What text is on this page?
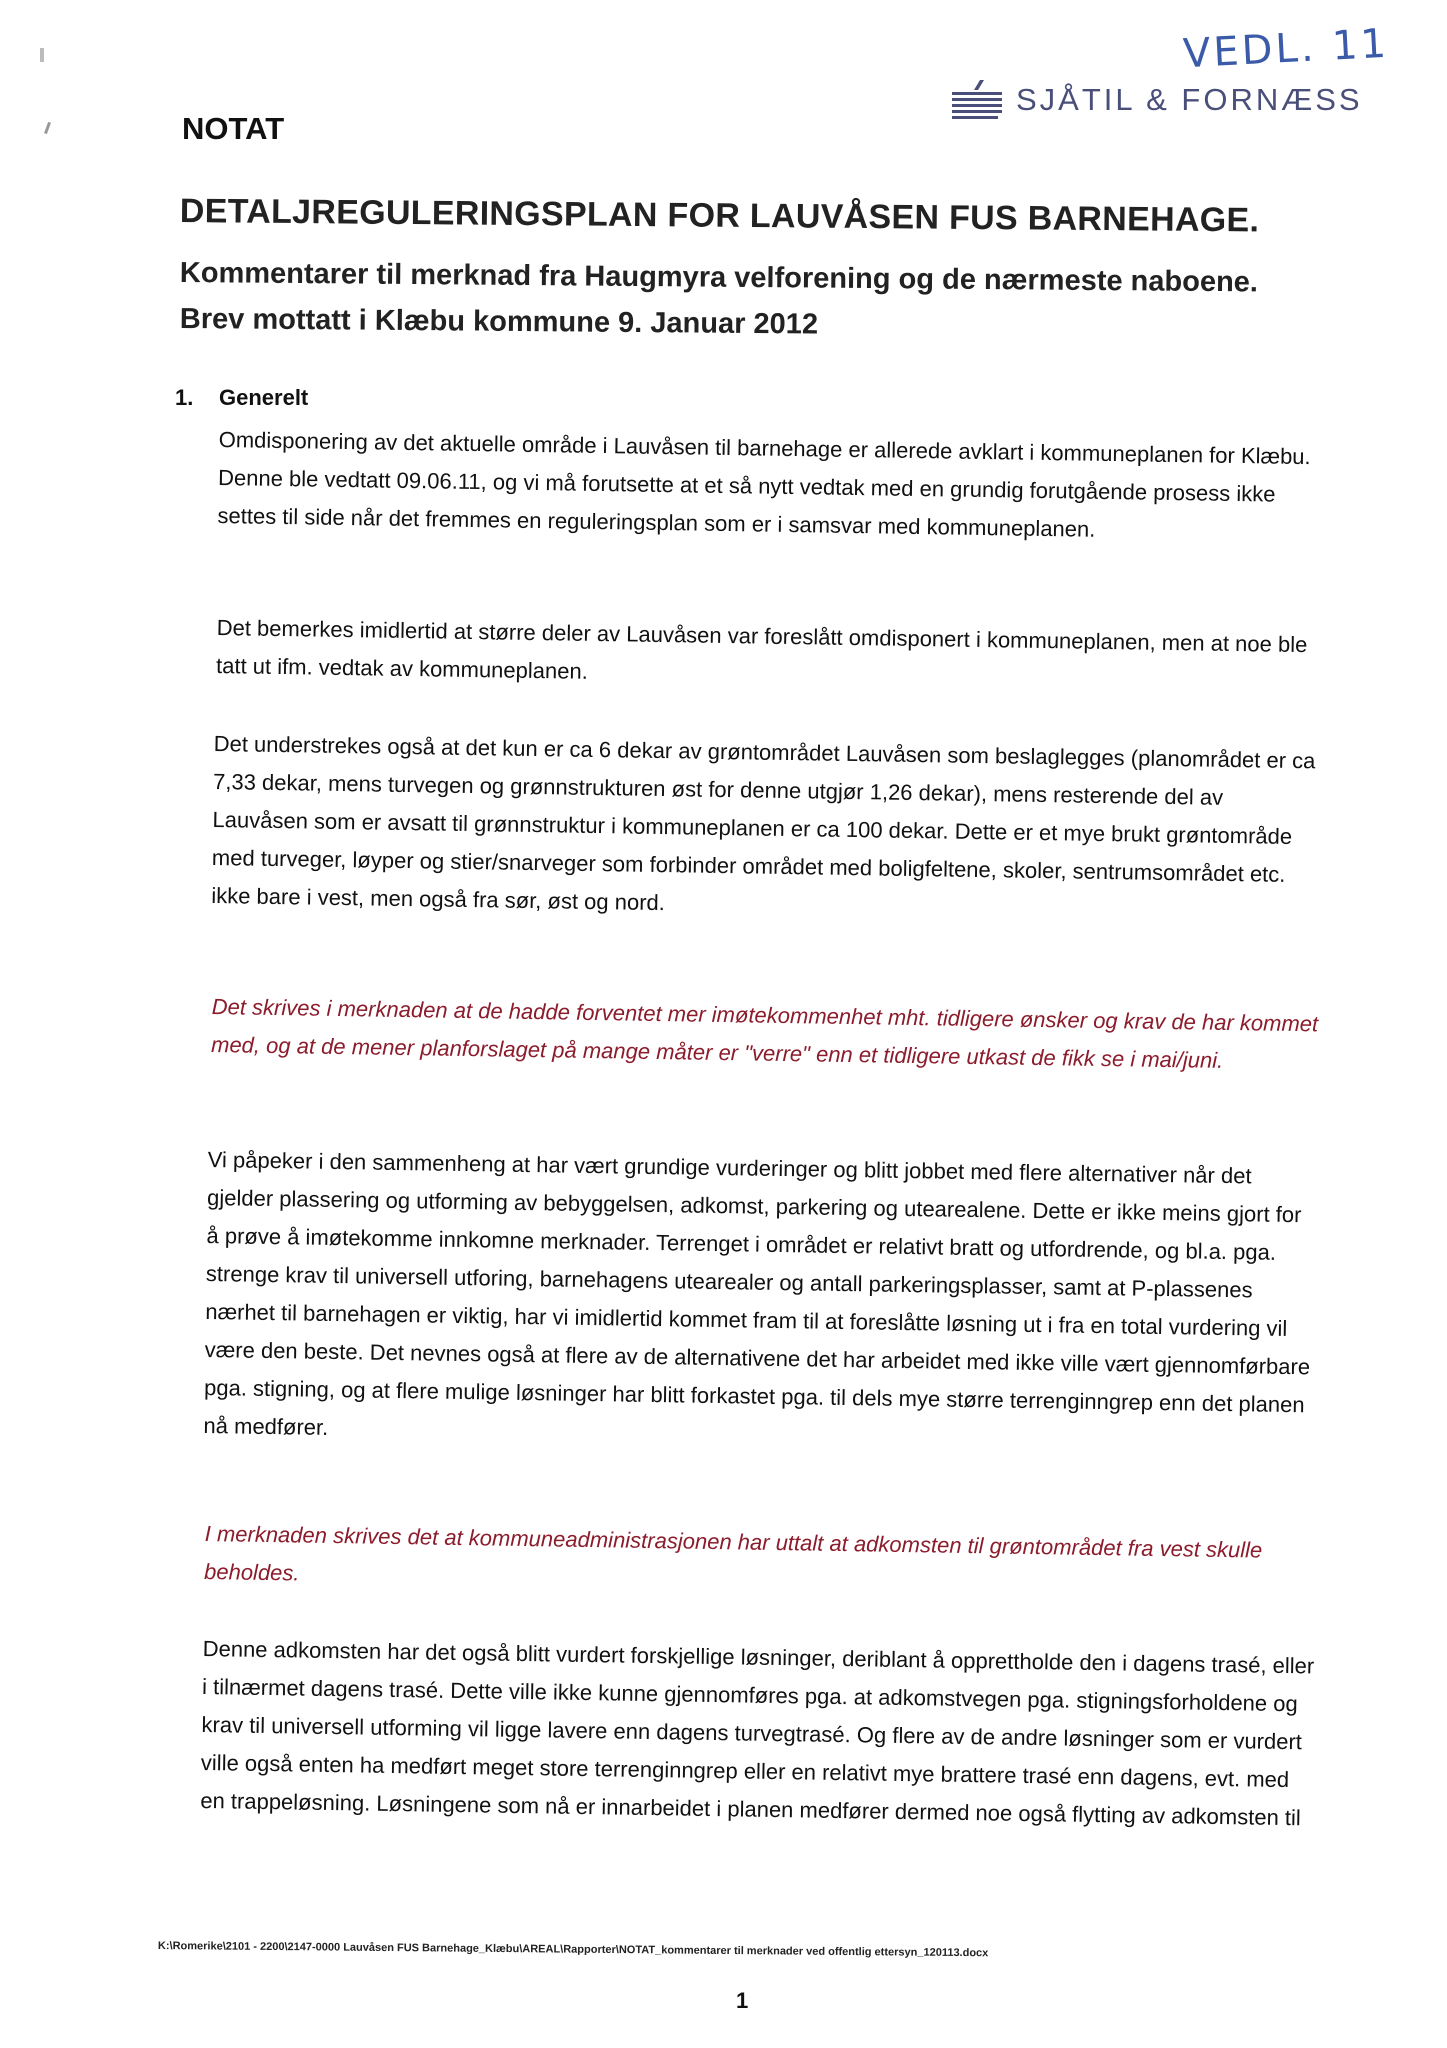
VEDL. 11
SJÅTIL & FORNÆSS
NOTAT
DETALJREGULERINGSPLAN FOR LAUVÅSEN FUS BARNEHAGE.
Kommentarer til merknad fra Haugmyra velforening og de nærmeste naboene.
Brev mottatt i Klæbu kommune 9. Januar 2012
1. Generelt
Omdisponering av det aktuelle område i Lauvåsen til barnehage er allerede avklart i kommuneplanen for Klæbu. Denne ble vedtatt 09.06.11, og vi må forutsette at et så nytt vedtak med en grundig forutgående prosess ikke settes til side når det fremmes en reguleringsplan som er i samsvar med kommuneplanen.
Det bemerkes imidlertid at større deler av Lauvåsen var foreslått omdisponert i kommuneplanen, men at noe ble tatt ut ifm. vedtak av kommuneplanen.
Det understrekes også at det kun er ca 6 dekar av grøntområdet Lauvåsen som beslaglegges (planområdet er ca 7,33 dekar, mens turvegen og grønnstrukturen øst for denne utgjør 1,26 dekar), mens resterende del av Lauvåsen som er avsatt til grønnstruktur i kommuneplanen er ca 100 dekar. Dette er et mye brukt grøntområde med turveger, løyper og stier/snarveger som forbinder området med boligfeltene, skoler, sentrumsområdet etc. ikke bare i vest, men også fra sør, øst og nord.
Det skrives i merknaden at de hadde forventet mer imøtekommenhet mht. tidligere ønsker og krav de har kommet med, og at de mener planforslaget på mange måter er "verre" enn et tidligere utkast de fikk se i mai/juni.
Vi påpeker i den sammenheng at har vært grundige vurderinger og blitt jobbet med flere alternativer når det gjelder plassering og utforming av bebyggelsen, adkomst, parkering og utearealene. Dette er ikke meins gjort for å prøve å imøtekomme innkomne merknader. Terrenget i området er relativt bratt og utfordrende, og bl.a. pga. strenge krav til universell utforing, barnehagens utearealer og antall parkeringsplasser, samt at P-plassenes nærhet til barnehagen er viktig, har vi imidlertid kommet fram til at foreslåtte løsning ut i fra en total vurdering vil være den beste. Det nevnes også at flere av de alternativene det har arbeidet med ikke ville vært gjennomførbare pga. stigning, og at flere mulige løsninger har blitt forkastet pga. til dels mye større terrenginngrep enn det planen nå medfører.
I merknaden skrives det at kommuneadministrasjonen har uttalt at adkomsten til grøntområdet fra vest skulle beholdes.
Denne adkomsten har det også blitt vurdert forskjellige løsninger, deriblant å opprettholde den i dagens trasé, eller i tilnærmet dagens trasé. Dette ville ikke kunne gjennomføres pga. at adkomstvegen pga. stigningsforholdene og krav til universell utforming vil ligge lavere enn dagens turvegtrasé. Og flere av de andre løsninger som er vurdert ville også enten ha medført meget store terrenginngrep eller en relativt mye brattere trasé enn dagens, evt. med en trappeløsning. Løsningene som nå er innarbeidet i planen medfører dermed noe også flytting av adkomsten til
K:\Romerike\2101 - 2200\2147-0000 Lauvåsen FUS Barnehage_Klæbu\AREAL\Rapporter\NOTAT_kommentarer til merknader ved offentlig ettersyn_120113.docx
1
